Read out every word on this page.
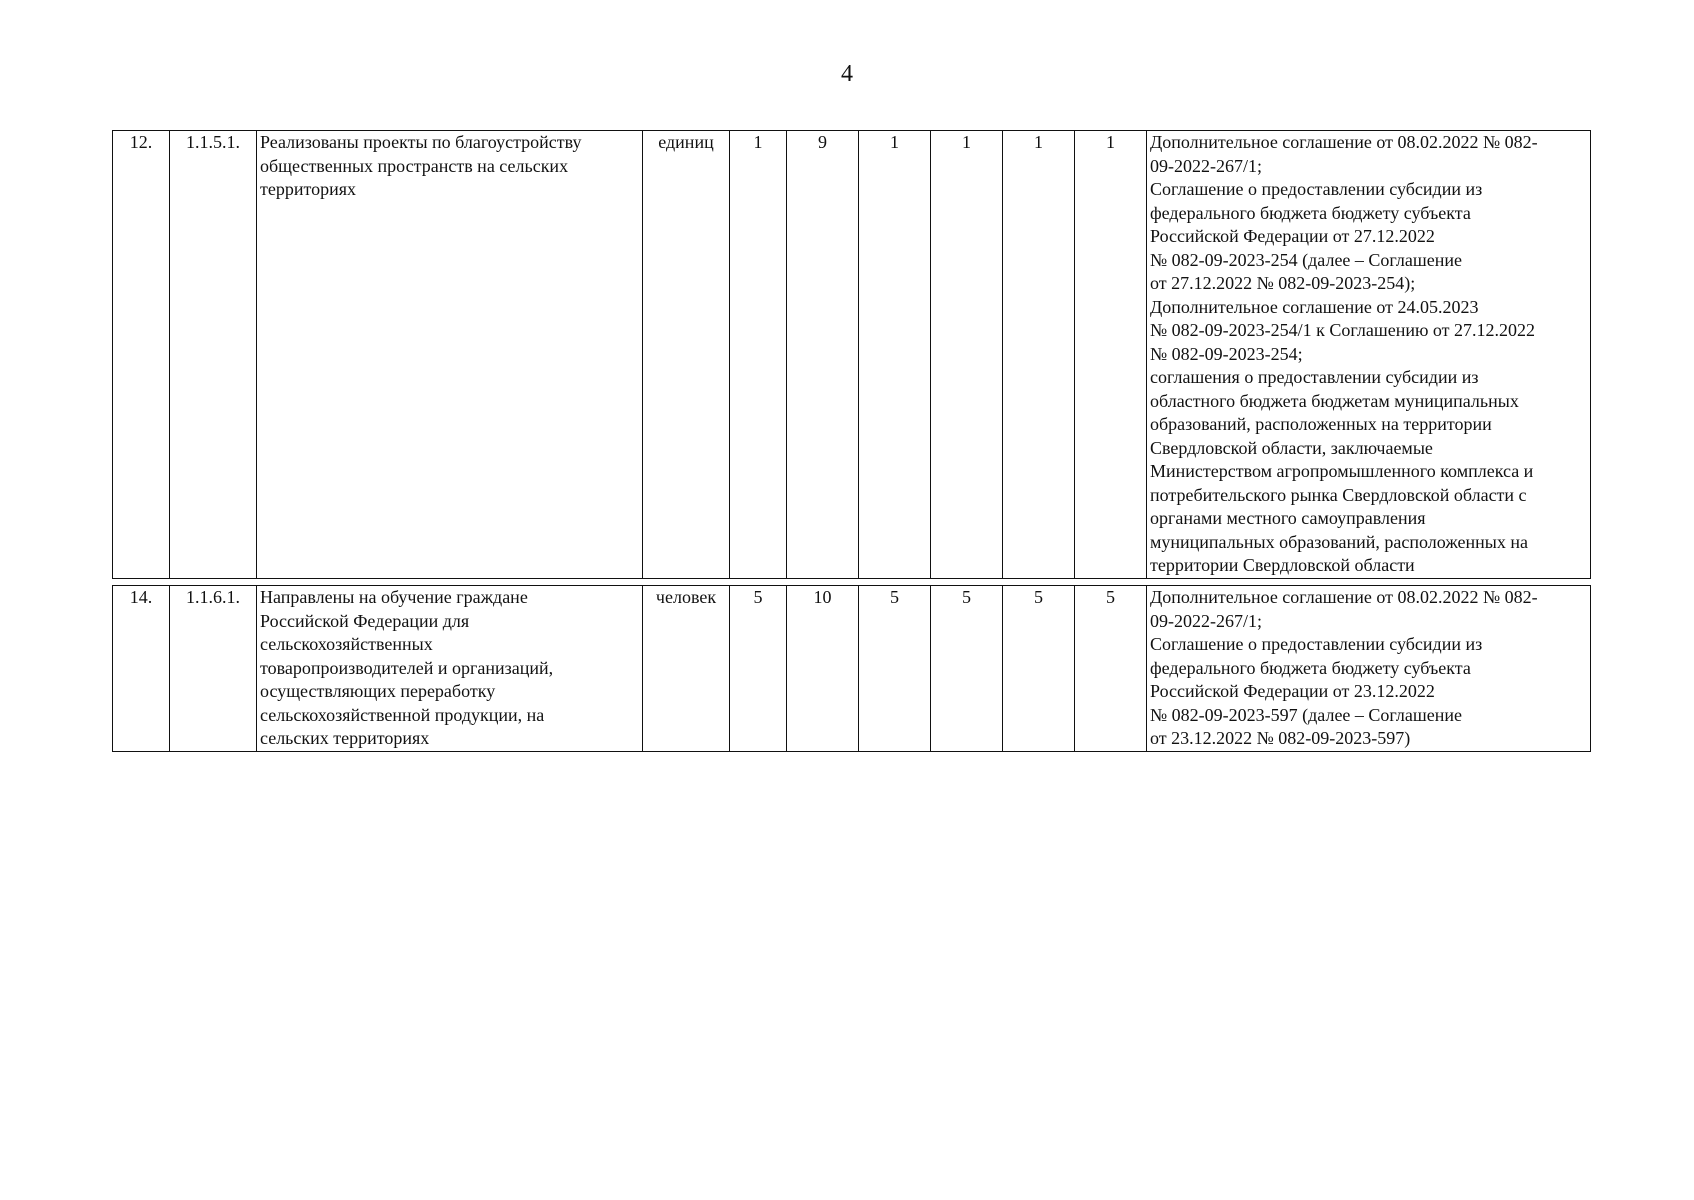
4
12.	1.1.5.1.	Реализованы проекты по благоустройству
общественных пространств на сельских
территориях
	единиц	1	9	1	1	1	1	Дополнительное соглашение от 08.02.2022 № 082-
09-2022-267/1;
Соглашение о предоставлении субсидии из
федерального бюджета бюджету субъекта
Российской Федерации от 27.12.2022
№ 082-09-2023-254 (далее – Соглашение
от 27.12.2022 № 082-09-2023-254);
Дополнительное соглашение от 24.05.2023
№ 082-09-2023-254/1 к Соглашению от 27.12.2022
№ 082-09-2023-254;
соглашения о предоставлении субсидии из
областного бюджета бюджетам муниципальных
образований, расположенных на территории
Свердловской области, заключаемые
Министерством агропромышленного комплекса и
потребительского рынка Свердловской области с
органами местного самоуправления
муниципальных образований, расположенных на
территории Свердловской области
14.	1.1.6.1.	Направлены на обучение граждане
Российской Федерации для
сельскохозяйственных
товаропроизводителей и организаций,
осуществляющих переработку
сельскохозяйственной продукции, на
сельских территориях
	человек	5	10	5	5	5	5	Дополнительное соглашение от 08.02.2022 № 082-
09-2022-267/1;
Соглашение о предоставлении субсидии из
федерального бюджета бюджету субъекта
Российской Федерации от 23.12.2022
№ 082-09-2023-597 (далее – Соглашение
от 23.12.2022 № 082-09-2023-597)
